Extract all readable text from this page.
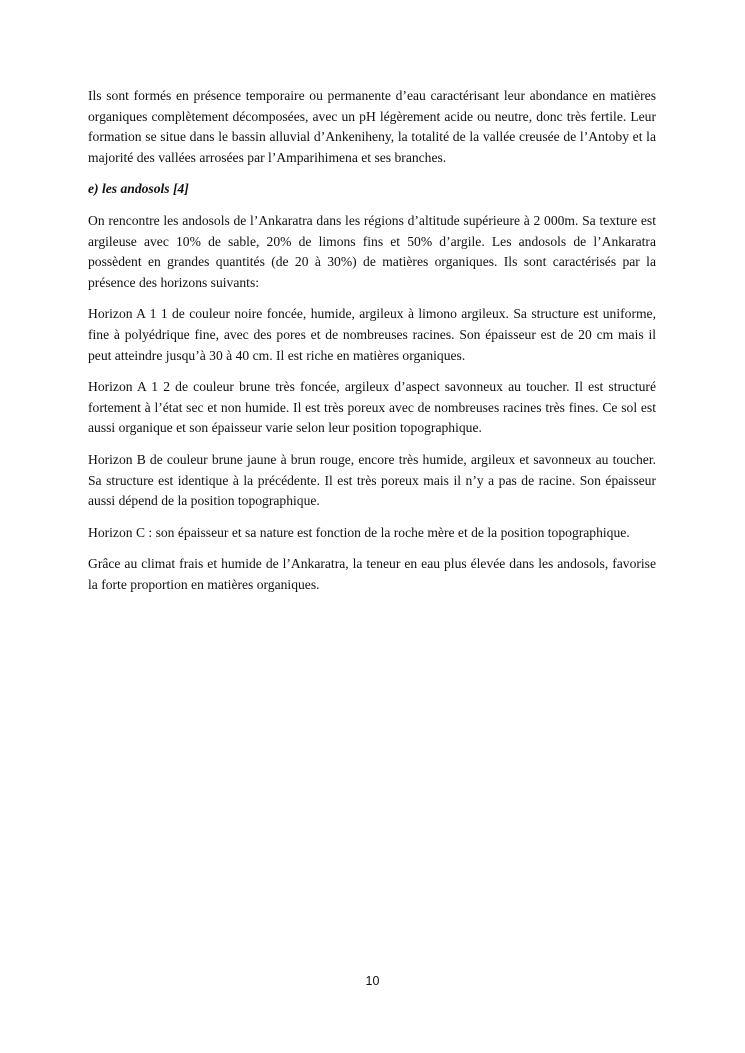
Ils sont formés en présence temporaire ou permanente d’eau caractérisant leur abondance en matières organiques complètement décomposées, avec un pH légèrement acide ou neutre, donc très fertile. Leur formation se situe dans le bassin alluvial d’Ankeniheny, la totalité de la vallée creusée de l’Antoby et la majorité des vallées arrosées par l’Amparihimena et ses branches.

e) les andosols [4]

On rencontre les andosols de l’Ankaratra dans les régions d’altitude supérieure à 2 000m. Sa texture est argileuse avec 10% de sable, 20% de limons fins et 50% d’argile. Les andosols de l’Ankaratra possèdent en grandes quantités (de 20 à 30%) de matières organiques. Ils sont caractérisés par la présence des horizons suivants:

Horizon A 1 1 de couleur noire foncée, humide, argileux à limono argileux. Sa structure est uniforme, fine à polyédrique fine, avec des pores et de nombreuses racines. Son épaisseur est de 20 cm mais il peut atteindre jusqu’à 30 à 40 cm. Il est riche en matières organiques.

Horizon A 1 2 de couleur brune très foncée, argileux d’aspect savonneux au toucher. Il est structuré fortement à l’état sec et non humide. Il est très poreux avec de nombreuses racines très fines. Ce sol est aussi organique et son épaisseur varie selon leur position topographique.

Horizon B de couleur brune jaune à brun rouge, encore très humide, argileux et savonneux au toucher. Sa structure est identique à la précédente. Il est très poreux mais il n’y a pas de racine. Son épaisseur aussi dépend de la position topographique.

Horizon C : son épaisseur et sa nature est fonction de la roche mère et de la position topographique.

Grâce au climat frais et humide de l’Ankaratra, la teneur en eau plus élevée dans les andosols, favorise la forte proportion en matières organiques.

10
